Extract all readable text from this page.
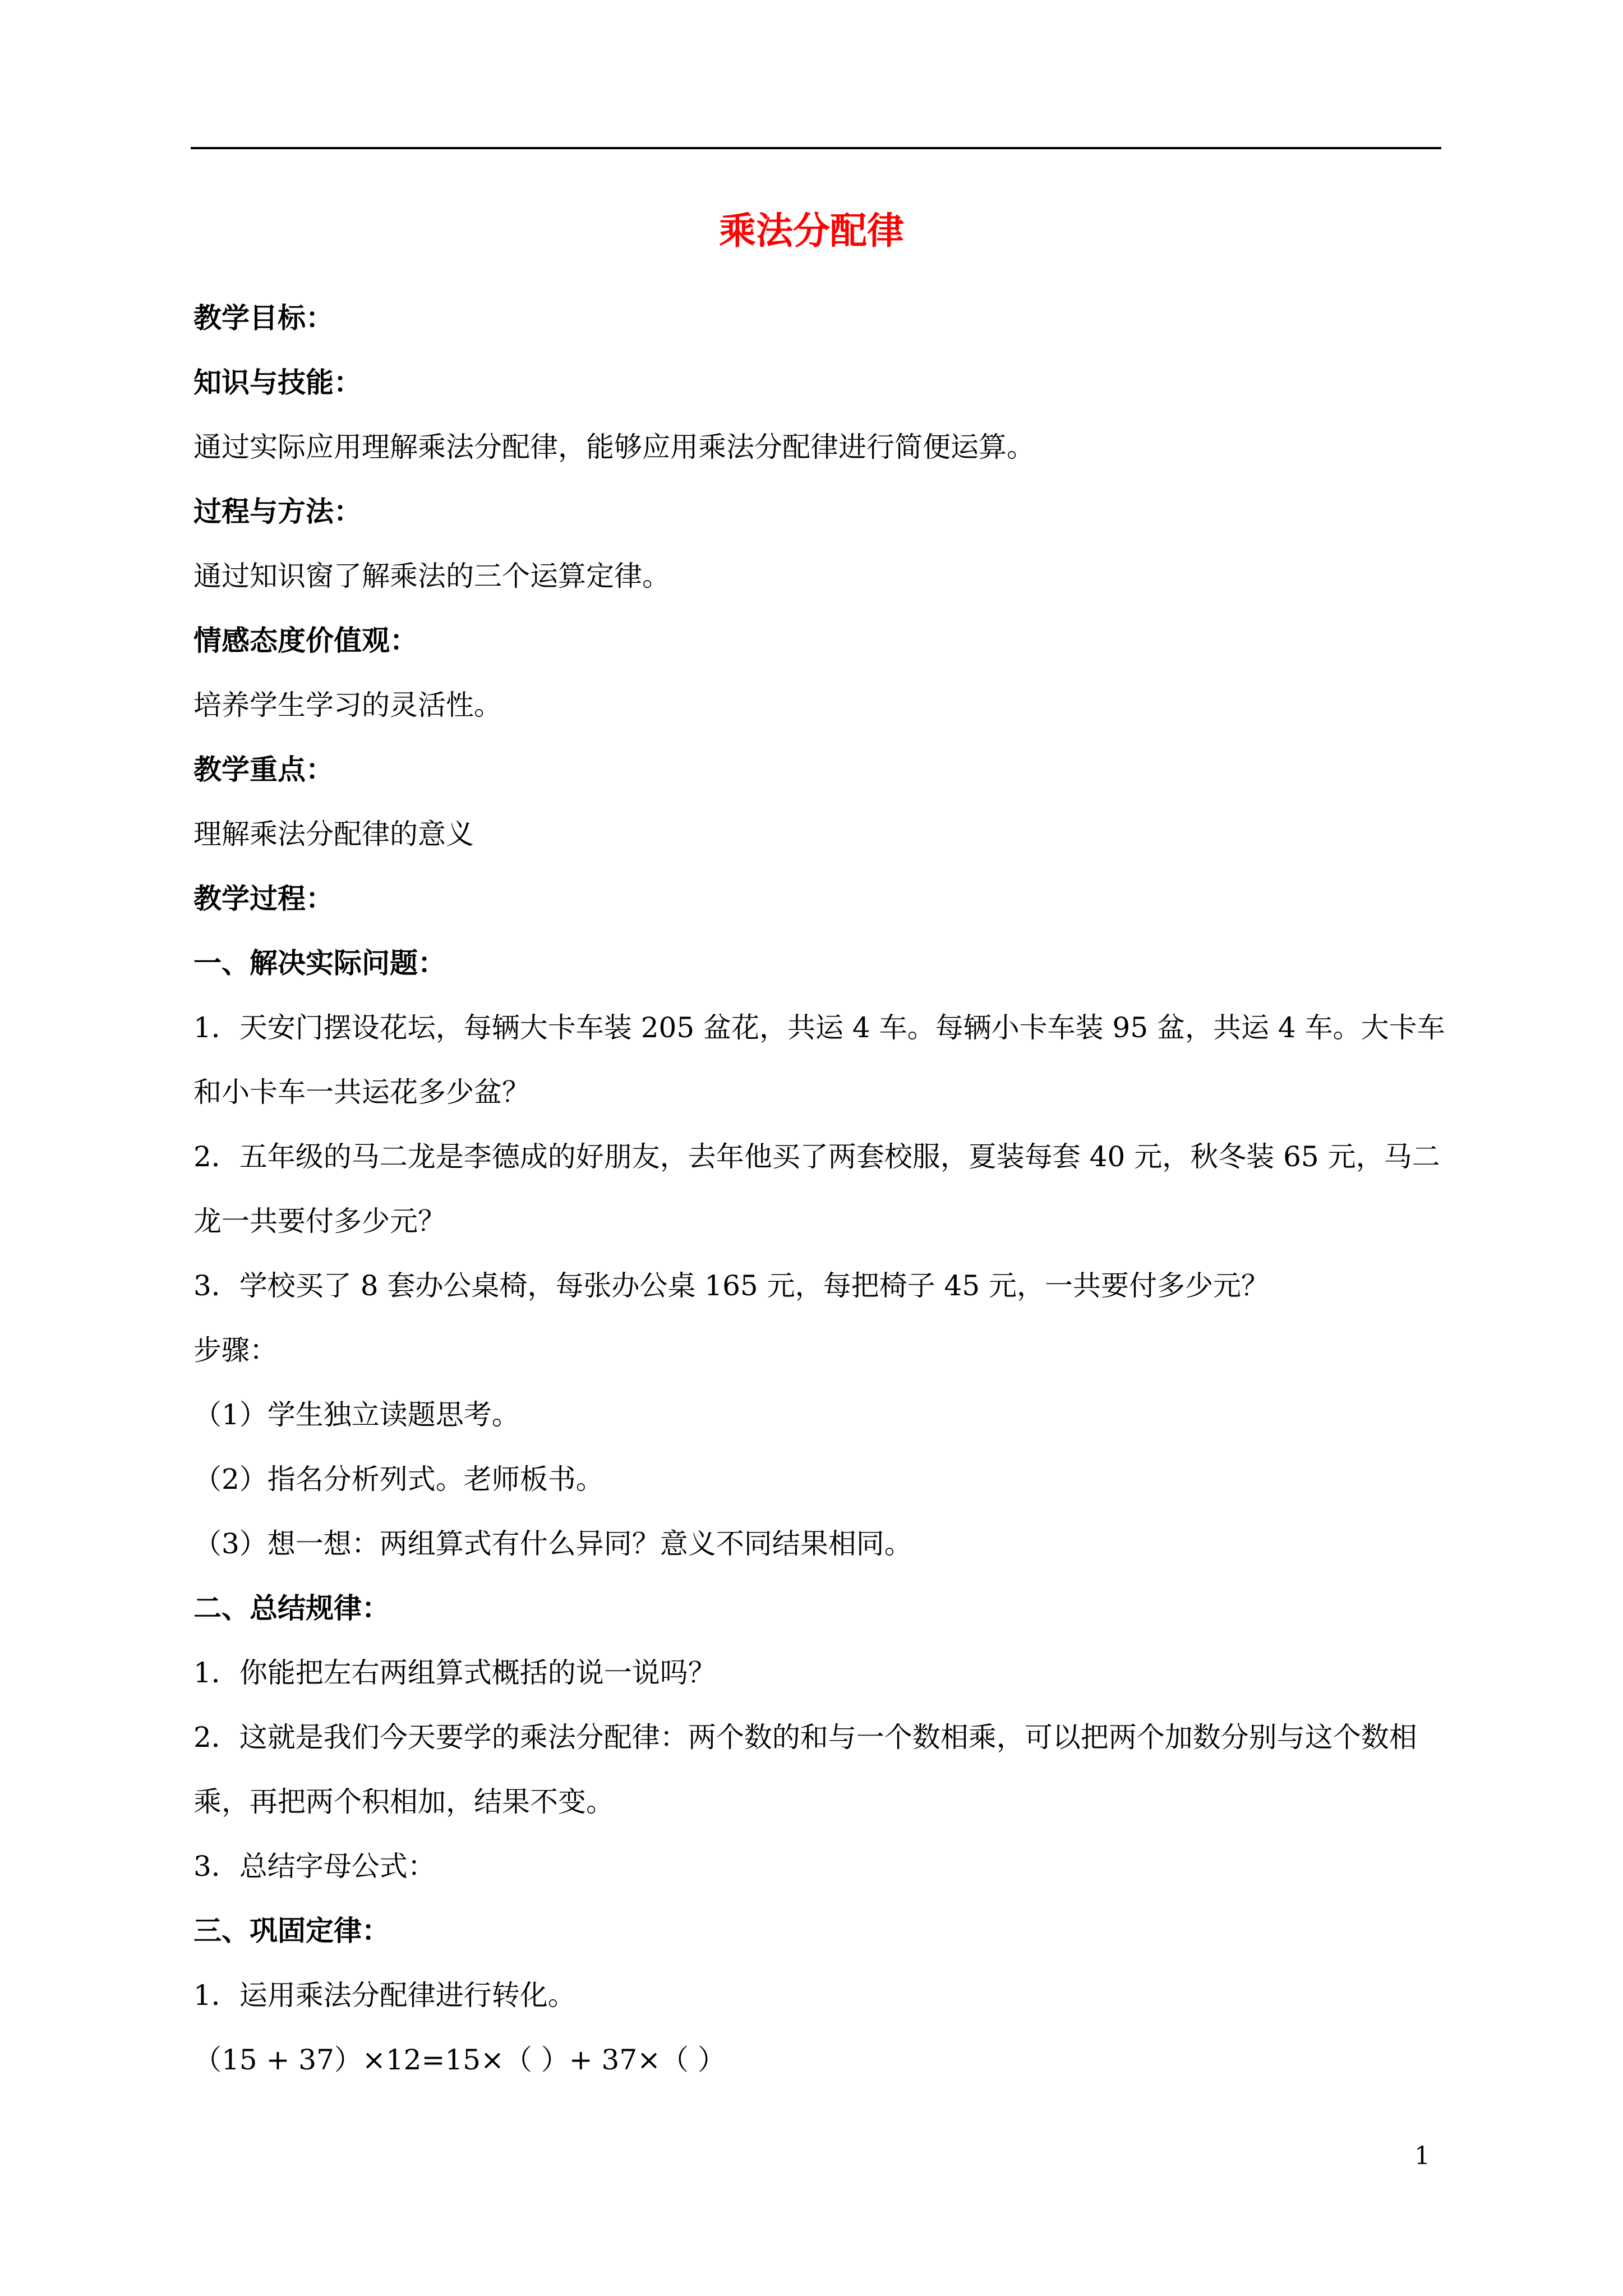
乘法分配律
教学目标：
知识与技能：
通过实际应用理解乘法分配律，能够应用乘法分配律进行简便运算。
过程与方法：
通过知识窗了解乘法的三个运算定律。
情感态度价值观：
培养学生学习的灵活性。
教学重点：
理解乘法分配律的意义
教学过程：
一、解决实际问题：
1．天安门摆设花坛，每辆大卡车装 205 盆花，共运 4 车。每辆小卡车装 95 盆，共运 4 车。大卡车
和小卡车一共运花多少盆？
2．五年级的马二龙是李德成的好朋友，去年他买了两套校服，夏装每套 40 元，秋冬装 65 元，马二
龙一共要付多少元？
3．学校买了 8 套办公桌椅，每张办公桌 165 元，每把椅子 45 元，一共要付多少元？
步骤：
（1）学生独立读题思考。
（2）指名分析列式。老师板书。
（3）想一想：两组算式有什么异同？意义不同结果相同。
二、总结规律：
1．你能把左右两组算式概括的说一说吗？
2．这就是我们今天要学的乘法分配律：两个数的和与一个数相乘，可以把两个加数分别与这个数相
乘，再把两个积相加，结果不变。
3．总结字母公式：
三、巩固定律：
1．运用乘法分配律进行转化。
（15 + 37）×12=15×（ ）+ 37×（ ）
1
